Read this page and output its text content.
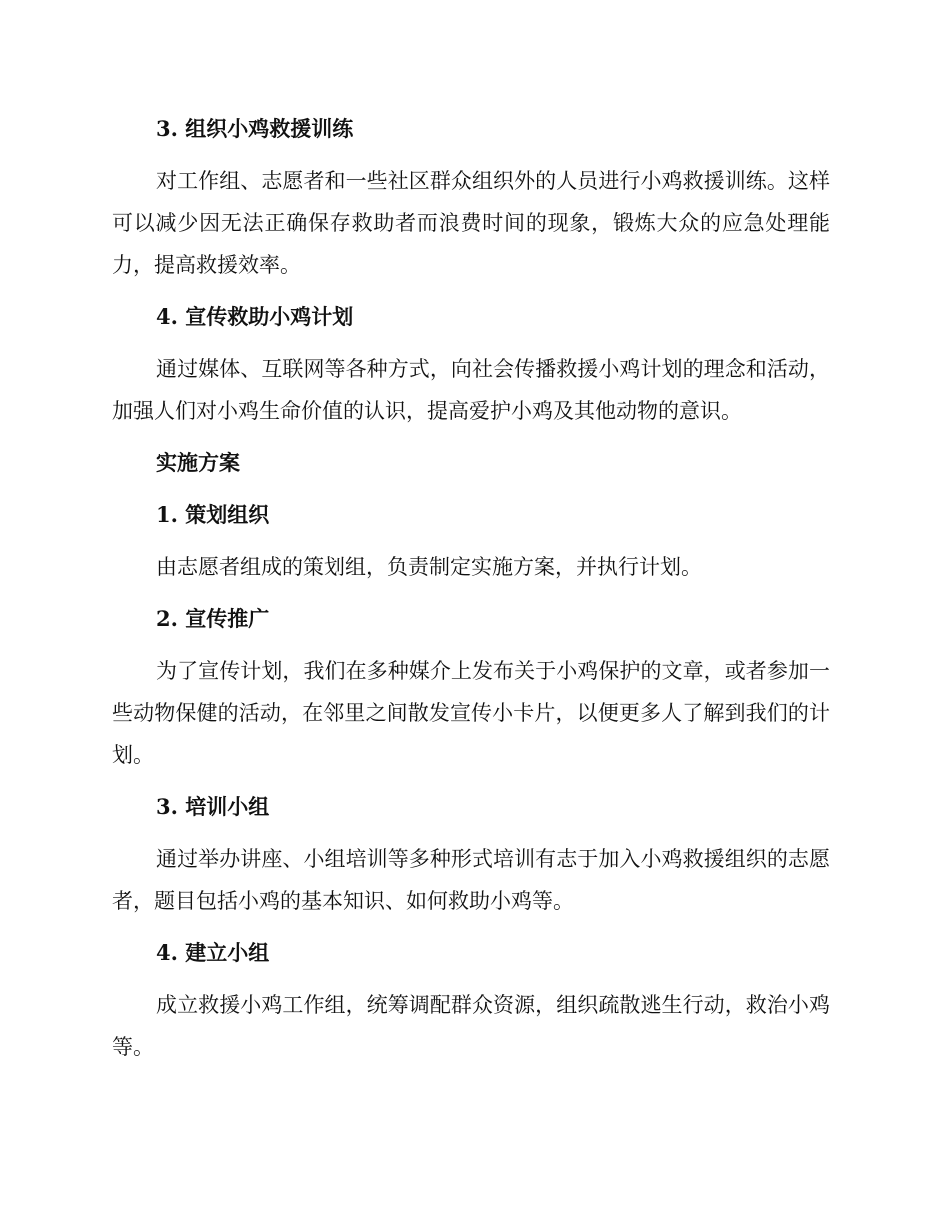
3. 组织小鸡救援训练

对工作组、志愿者和一些社区群众组织外的人员进行小鸡救援训练。这样可以减少因无法正确保存救助者而浪费时间的现象，锻炼大众的应急处理能力，提高救援效率。

4. 宣传救助小鸡计划

通过媒体、互联网等各种方式，向社会传播救援小鸡计划的理念和活动，加强人们对小鸡生命价值的认识，提高爱护小鸡及其他动物的意识。

实施方案
1. 策划组织

由志愿者组成的策划组，负责制定实施方案，并执行计划。

2. 宣传推广

为了宣传计划，我们在多种媒介上发布关于小鸡保护的文章，或者参加一些动物保健的活动，在邻里之间散发宣传小卡片，以便更多人了解到我们的计划。

3. 培训小组

通过举办讲座、小组培训等多种形式培训有志于加入小鸡救援组织的志愿者，题目包括小鸡的基本知识、如何救助小鸡等。

4. 建立小组

成立救援小鸡工作组，统筹调配群众资源，组织疏散逃生行动，救治小鸡等。
